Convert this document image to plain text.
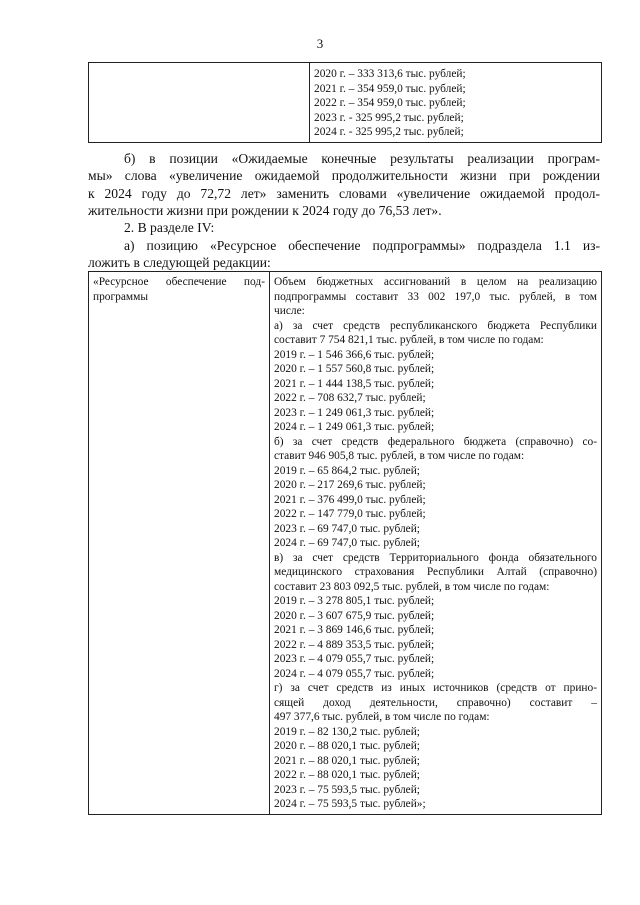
3

2020 г. – 333 313,6 тыс. рублей;
2021 г. – 354 959,0 тыс. рублей;
2022 г. – 354 959,0 тыс. рублей;
2023 г. - 325 995,2 тыс. рублей;
2024 г. - 325 995,2 тыс. рублей;
б) в позиции «Ожидаемые конечные результаты реализации програм-
мы» слова «увеличение ожидаемой продолжительности жизни при рождении
к 2024 году до 72,72 лет» заменить словами «увеличение ожидаемой продол-
жительности жизни при рождении к 2024 году до 76,53 лет».
2. В разделе IV:
а) позицию «Ресурсное обеспечение подпрограммы» подраздела 1.1 из-
ложить в следующей редакции:
«Ресурсное обеспечение под-
программы

Объем бюджетных ассигнований в целом на реализацию
подпрограммы составит 33 002 197,0 тыс. рублей, в том
числе:
а) за счет средств республиканского бюджета Республики
составит 7 754 821,1 тыс. рублей, в том числе по годам:
2019 г. – 1 546 366,6 тыс. рублей;
2020 г. – 1 557 560,8 тыс. рублей;
2021 г. – 1 444 138,5 тыс. рублей;
2022 г. – 708 632,7 тыс. рублей;
2023 г. – 1 249 061,3 тыс. рублей;
2024 г. – 1 249 061,3 тыс. рублей;
б) за счет средств федерального бюджета (справочно) со-
ставит 946 905,8 тыс. рублей, в том числе по годам:
2019 г. – 65 864,2 тыс. рублей;
2020 г. – 217 269,6 тыс. рублей;
2021 г. – 376 499,0 тыс. рублей;
2022 г. – 147 779,0 тыс. рублей;
2023 г. – 69 747,0 тыс. рублей;
2024 г. – 69 747,0 тыс. рублей;
в) за счет средств Территориального фонда обязательного
медицинского страхования Республики Алтай (справочно)
составит 23 803 092,5 тыс. рублей, в том числе по годам:
2019 г. – 3 278 805,1 тыс. рублей;
2020 г. – 3 607 675,9 тыс. рублей;
2021 г. – 3 869 146,6 тыс. рублей;
2022 г. – 4 889 353,5 тыс. рублей;
2023 г. – 4 079 055,7 тыс. рублей;
2024 г. – 4 079 055,7 тыс. рублей;
г) за счет средств из иных источников (средств от прино-
сящей доход деятельности, справочно) составит –
497 377,6 тыс. рублей, в том числе по годам:
2019 г. – 82 130,2 тыс. рублей;
2020 г. – 88 020,1 тыс. рублей;
2021 г. – 88 020,1 тыс. рублей;
2022 г. – 88 020,1 тыс. рублей;
2023 г. – 75 593,5 тыс. рублей;
2024 г. – 75 593,5 тыс. рублей»;
